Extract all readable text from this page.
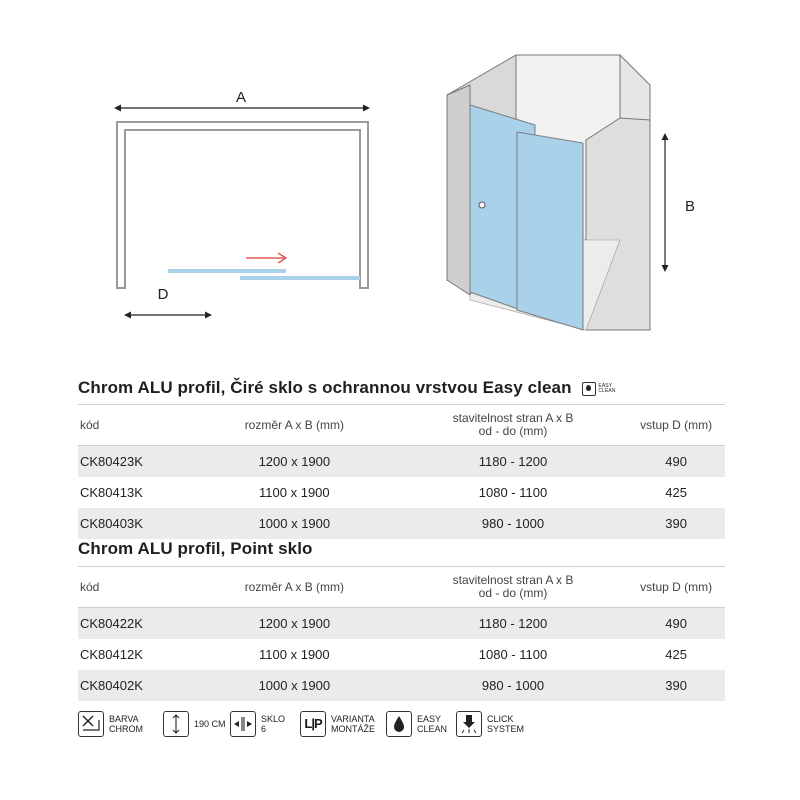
A
D
B
Chrom ALU profil, Čiré sklo s ochrannou vrstvou Easy clean	EASY
CLEAN
kód	rozměr A x B (mm)	stavitelnost stran A x B
od - do (mm)	vstup D (mm)
CK80423K	1200 x 1900	1180 - 1200	490
CK80413K	1100 x 1900	1080 - 1100	425
CK80403K	1000 x 1900	980 - 1000	390
Chrom ALU profil, Point sklo
kód	rozměr A x B (mm)	stavitelnost stran A x B
od - do (mm)	vstup D (mm)
CK80422K	1200 x 1900	1180 - 1200	490
CK80412K	1100 x 1900	1080 - 1100	425
CK80402K	1000 x 1900	980 - 1000	390
BARVA
CHROM	190 CM	SKLO
6	L|P	VARIANTA
MONTÁŽE
EASY
CLEAN
CLICK
SYSTEM
